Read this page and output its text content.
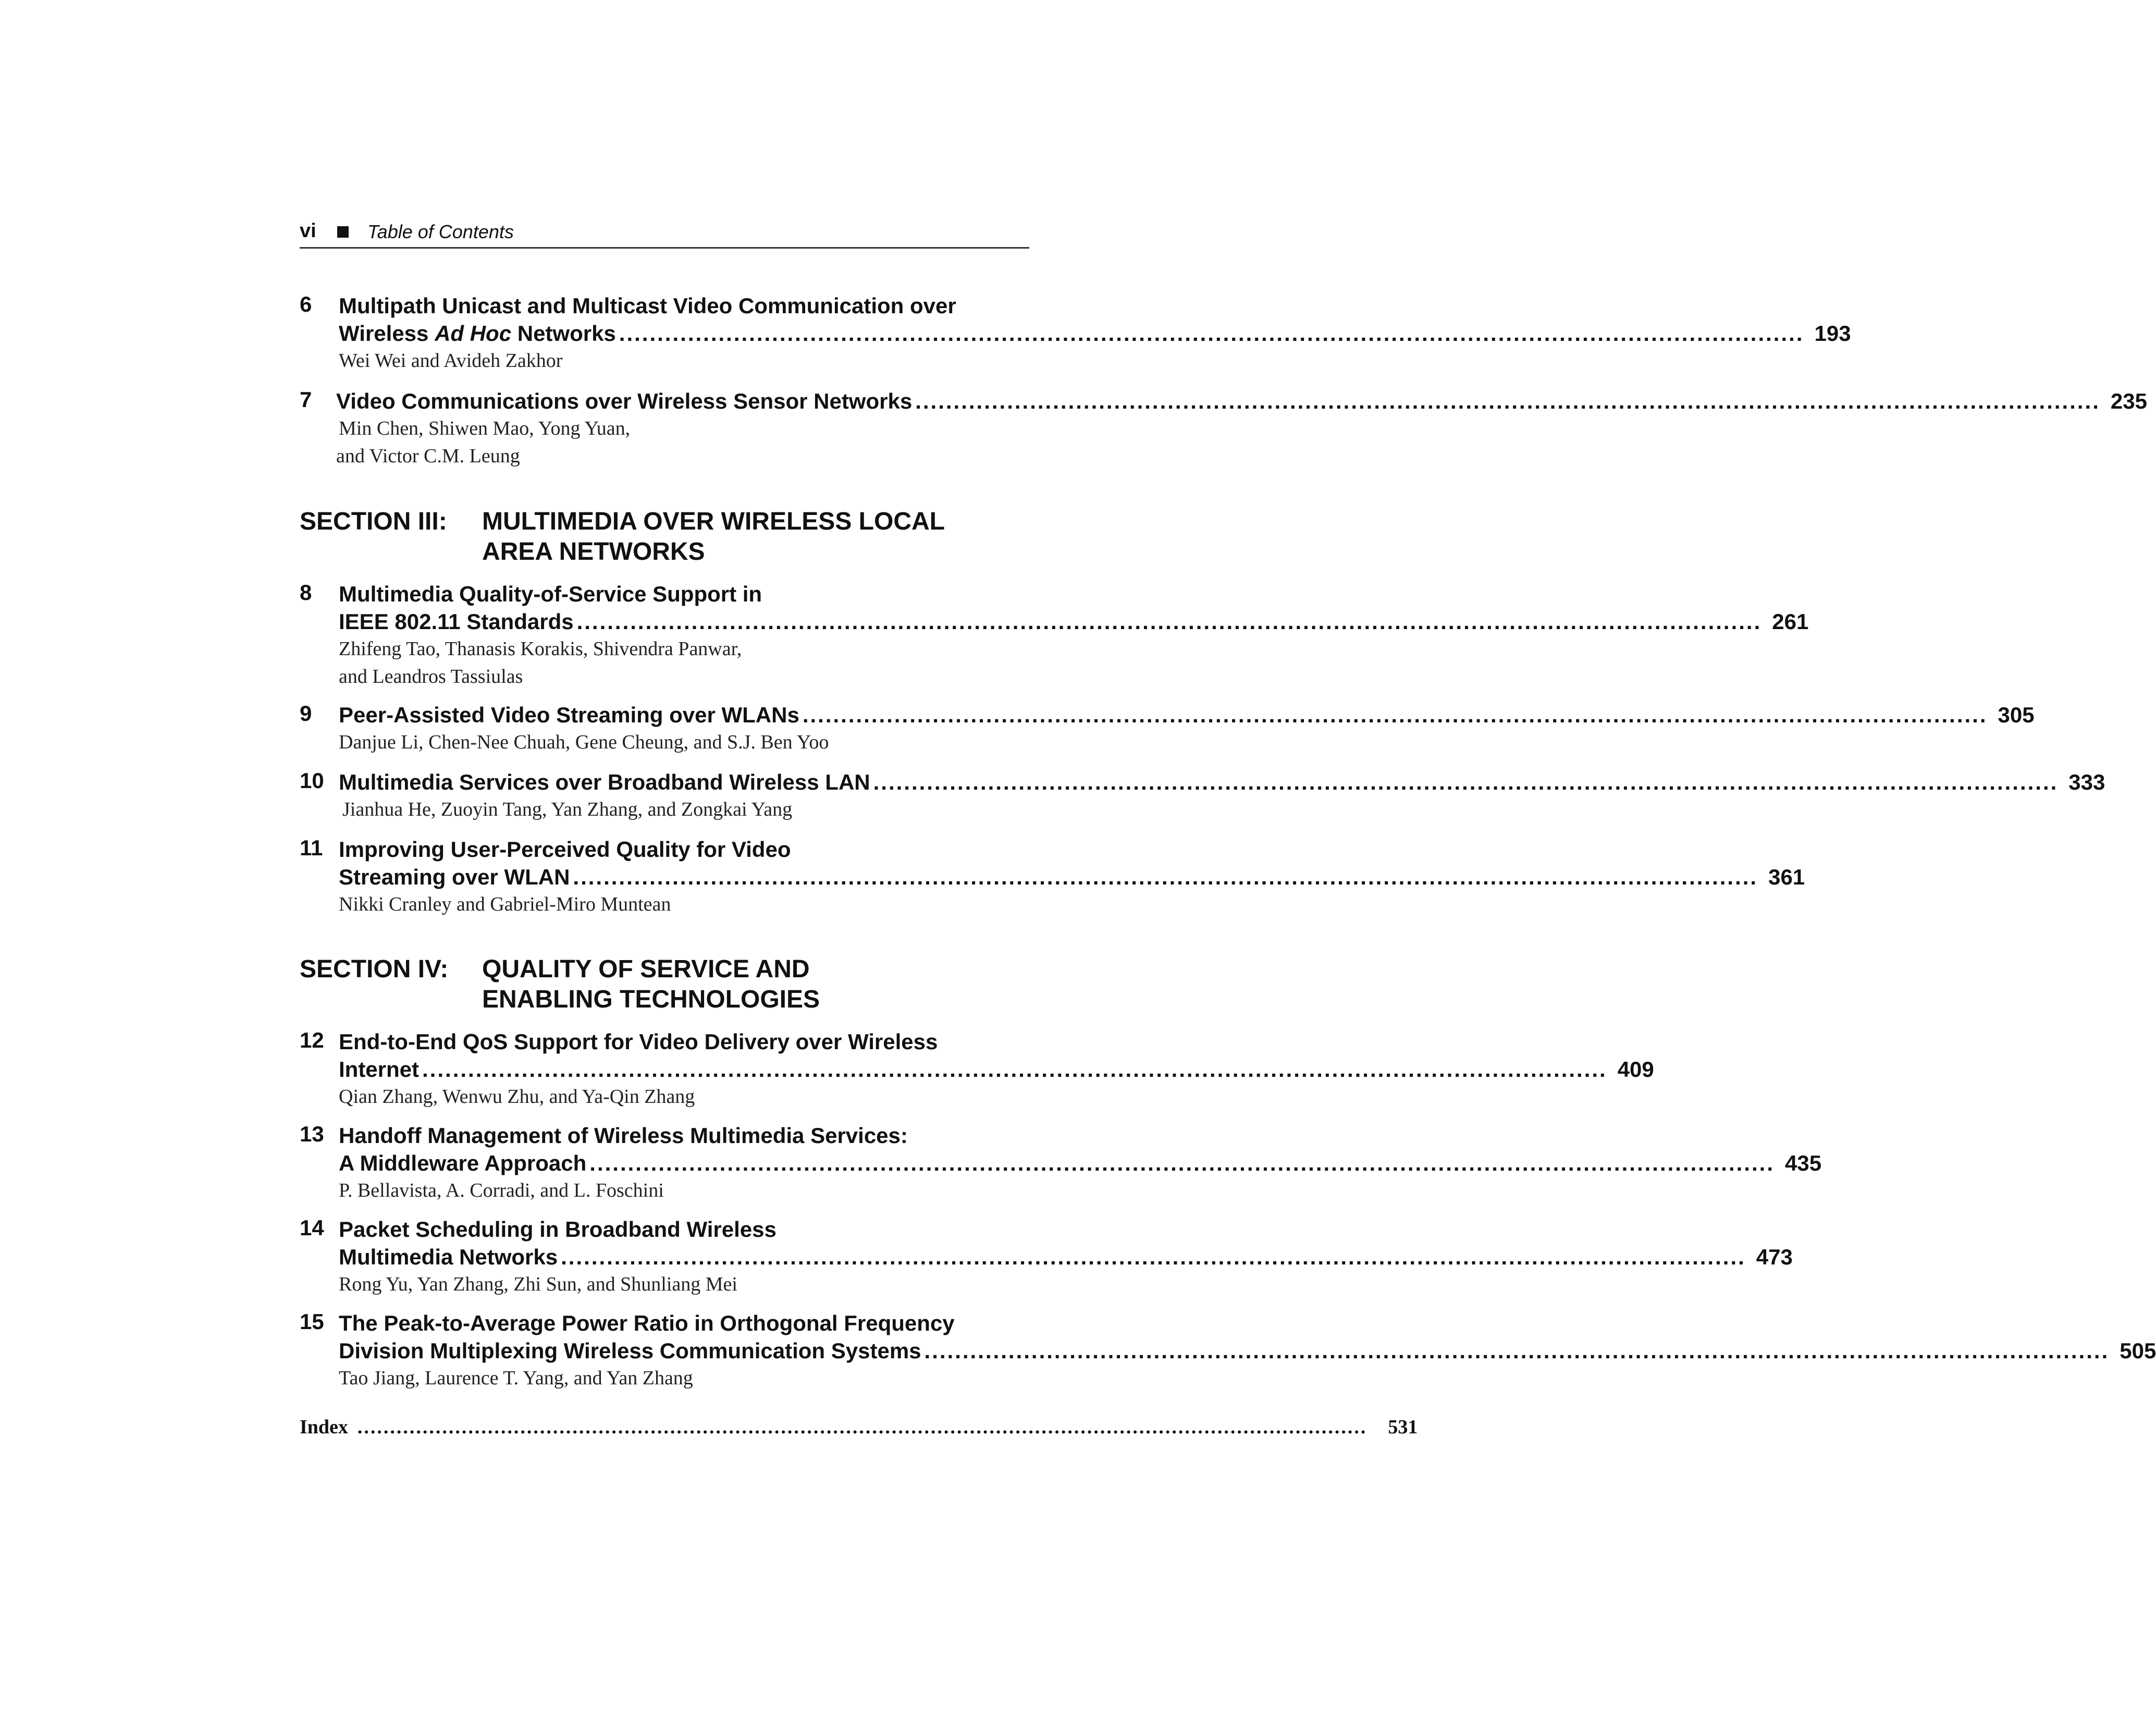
vi	Table of Contents
6 Multipath Unicast and Multicast Video Communication over
Wireless Ad Hoc Networks ........................................................................................................................................................... 193
Wei Wei and Avideh Zakhor
7 Video Communications over Wireless Sensor Networks ........................................................................................................................................................... 235
Min Chen, Shiwen Mao, Yong Yuan,
and Victor C.M. Leung
SECTION III: MULTIMEDIA OVER WIRELESS LOCAL
AREA NETWORKS
8 Multimedia Quality-of-Service Support in
IEEE 802.11 Standards ........................................................................................................................................................... 261
Zhifeng Tao, Thanasis Korakis, Shivendra Panwar,
and Leandros Tassiulas
9 Peer-Assisted Video Streaming over WLANs ........................................................................................................................................................... 305
Danjue Li, Chen-Nee Chuah, Gene Cheung, and S.J. Ben Yoo
10 Multimedia Services over Broadband Wireless LAN ........................................................................................................................................................... 333
Jianhua He, Zuoyin Tang, Yan Zhang, and Zongkai Yang
11 Improving User-Perceived Quality for Video
Streaming over WLAN ........................................................................................................................................................... 361
Nikki Cranley and Gabriel-Miro Muntean
SECTION IV: QUALITY OF SERVICE AND
ENABLING TECHNOLOGIES
12 End-to-End QoS Support for Video Delivery over Wireless
Internet ........................................................................................................................................................... 409
Qian Zhang, Wenwu Zhu, and Ya-Qin Zhang
13 Handoff Management of Wireless Multimedia Services:
A Middleware Approach ........................................................................................................................................................... 435
P. Bellavista, A. Corradi, and L. Foschini
14 Packet Scheduling in Broadband Wireless
Multimedia Networks ........................................................................................................................................................... 473
Rong Yu, Yan Zhang, Zhi Sun, and Shunliang Mei
15 The Peak-to-Average Power Ratio in Orthogonal Frequency
Division Multiplexing Wireless Communication Systems ........................................................................................................................................................... 505
Tao Jiang, Laurence T. Yang, and Yan Zhang
Index ........................................................................................................................................................... 531
